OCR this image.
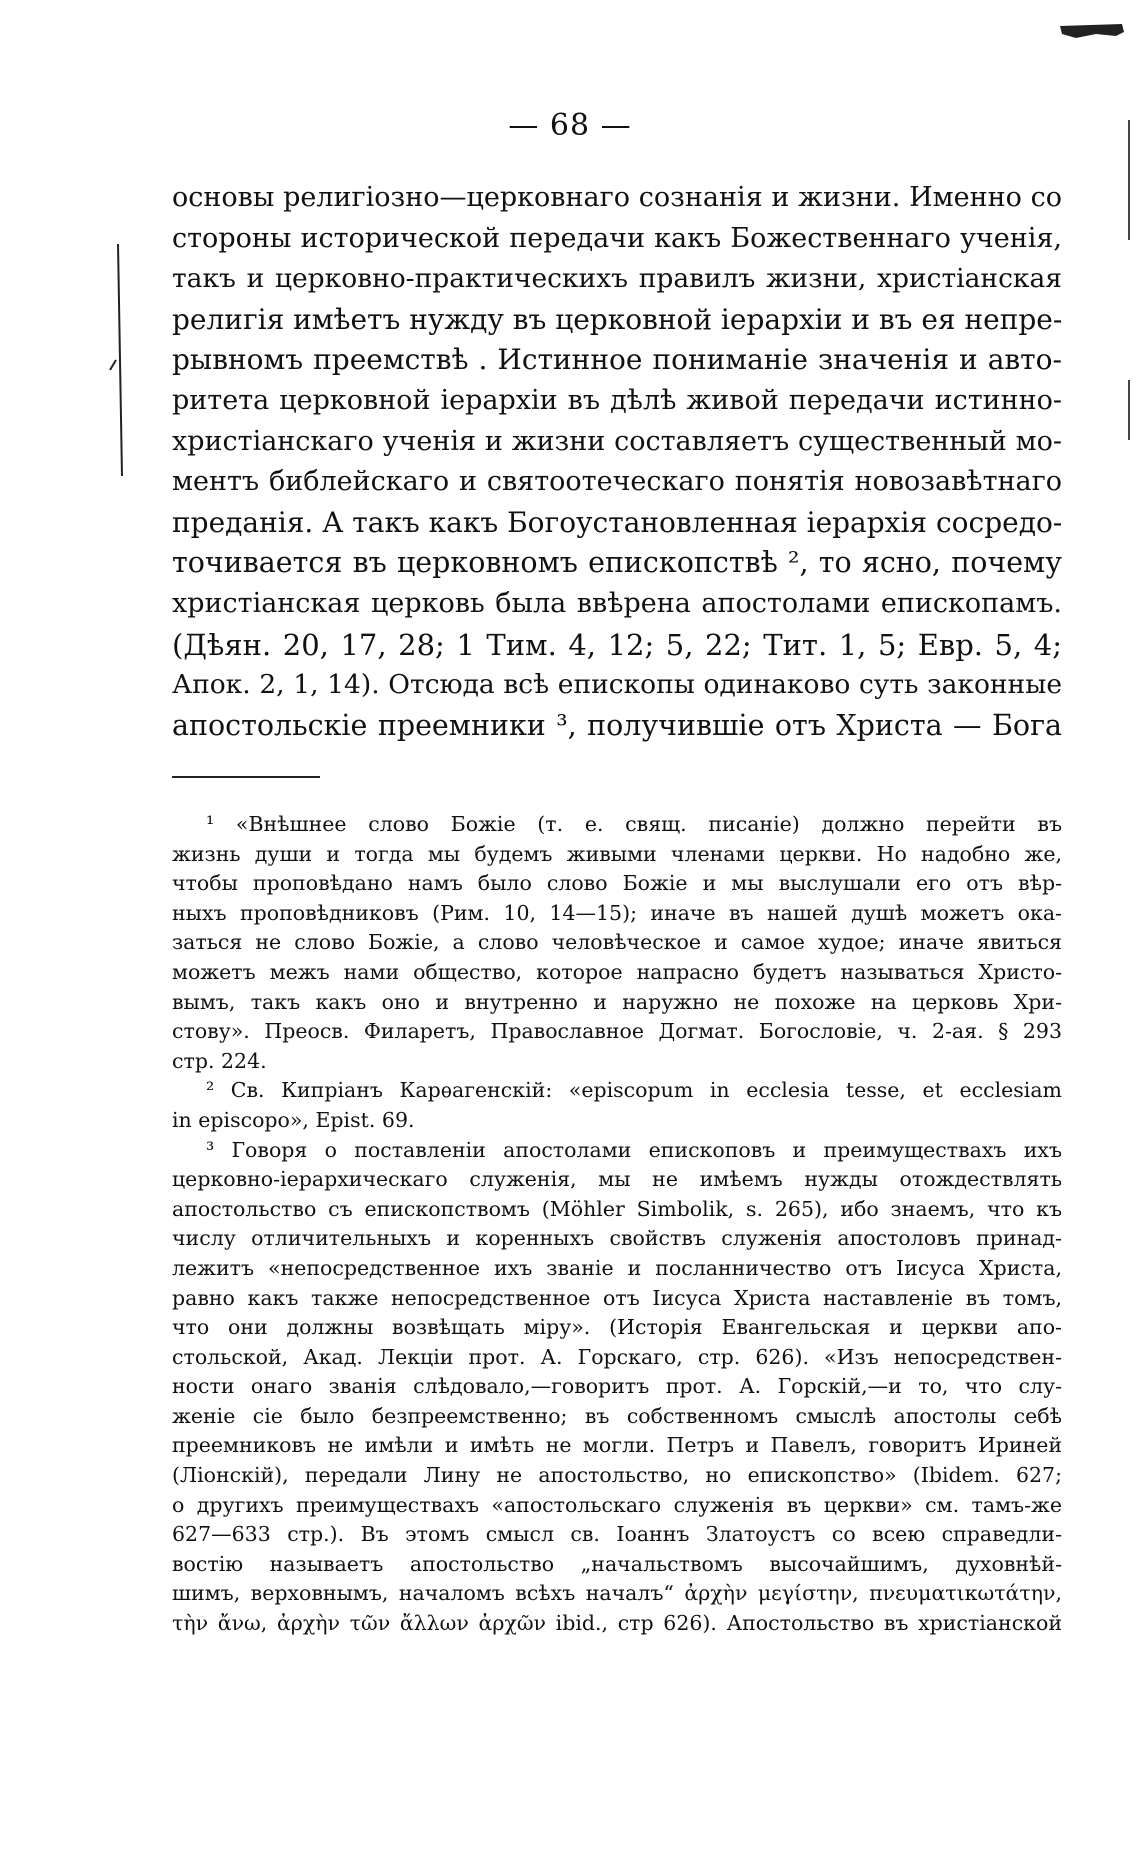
— 68 —
основы религіозно—церковнаго сознанія и жизни. Именно со
стороны исторической передачи какъ Божественнаго ученія,
такъ и церковно-практическихъ правилъ жизни, христіанская
религія имѣетъ нужду въ церковной іерархіи и въ ея непре-
рывномъ преемствѣ . Истинное пониманіе значенія и авто-
ритета церковной іерархіи въ дѣлѣ живой передачи истинно-
христіанскаго ученія и жизни составляетъ существенный мо-
ментъ библейскаго и святоотеческаго понятія новозавѣтнаго
преданія. А такъ какъ Богоустановленная іерархія сосредо-
точивается въ церковномъ епископствѣ ², то ясно, почему
христіанская церковь была ввѣрена апостолами епископамъ.
(Дѣян. 20, 17, 28; 1 Тим. 4, 12; 5, 22; Тит. 1, 5; Евр. 5, 4;
Апок. 2, 1, 14). Отсюда всѣ епископы одинаково суть законные
апостольскіе преемники ³, получившіе отъ Христа — Бога
¹ «Внѣшнее слово Божіе (т. е. свящ. писаніе) должно перейти въ
жизнь души и тогда мы будемъ живыми членами церкви. Но надобно же,
чтобы проповѣдано намъ было слово Божіе и мы выслушали его отъ вѣр-
ныхъ проповѣдниковъ (Рим. 10, 14—15); иначе въ нашей душѣ можетъ ока-
заться не слово Божіе, а слово человѣческое и самое худое; иначе явиться
можетъ межъ нами общество, которое напрасно будетъ называться Христо-
вымъ, такъ какъ оно и внутренно и наружно не похоже на церковь Хри-
стову». Преосв. Филаретъ, Православное Догмат. Богословіе, ч. 2-ая. § 293
стр. 224.
² Св. Кипріанъ Карѳагенскій: «episcopum in ecclesia tesse, et ecclesiam
in episcopo», Epist. 69.
³ Говоря о поставленіи апостолами епископовъ и преимуществахъ ихъ
церковно-іерархическаго служенія, мы не имѣемъ нужды отождествлять
апостольство съ епископствомъ (Möhler Simbolik, s. 265), ибо знаемъ, что къ
числу отличительныхъ и коренныхъ свойствъ служенія апостоловъ принад-
лежитъ «непосредственное ихъ званіе и посланничество отъ Іисуса Христа,
равно какъ также непосредственное отъ Іисуса Христа наставленіе въ томъ,
что они должны возвѣщать міру». (Исторія Евангельская и церкви апо-
стольской, Акад. Лекціи прот. А. Горскаго, стр. 626). «Изъ непосредствен-
ности онаго званія слѣдовало,—говоритъ прот. А. Горскій,—и то, что слу-
женіе сіе было безпреемственно; въ собственномъ смыслѣ апостолы себѣ
преемниковъ не имѣли и имѣть не могли. Петръ и Павелъ, говоритъ Ириней
(Ліонскій), передали Лину не апостольство, но епископство» (Ibidem. 627;
о другихъ преимуществахъ «апостольскаго служенія въ церкви» см. тамъ-же
627—633 стр.). Въ этомъ смысл св. Іоаннъ Златоустъ со всею справедли-
востію называетъ апостольство „начальствомъ высочайшимъ, духовнѣй-
шимъ, верховнымъ, началомъ всѣхъ началъ“ ἀρχὴν μεγίστην, πνευματικωτάτην,
τὴν ἄνω, ἀρχὴν τῶν ἄλλων ἀρχῶν ibid., стр 626). Апостольство въ христіанской
